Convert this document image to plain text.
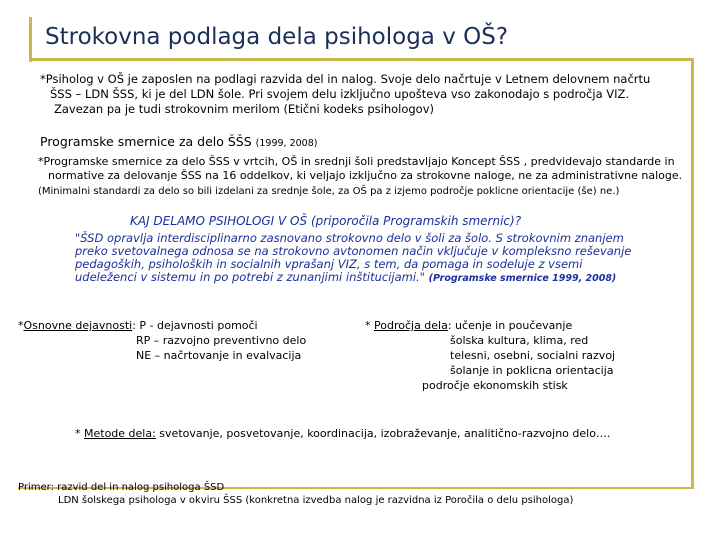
Strokovna podlaga dela psihologa v OŠ?
*Psiholog v OŠ je zaposlen na podlagi razvida del in nalog. Svoje delo načrtuje v Letnem delovnem načrtu
ŠSS – LDN ŠSS, ki je del LDN šole. Pri svojem delu izključno upošteva vso zakonodajo s področja VIZ.
Zavezan pa je tudi strokovnim merilom (Etični kodeks psihologov)
Programske smernice za delo ŠŠS (1999, 2008)
*Programske smernice za delo ŠSS v vrtcih, OŠ in srednji šoli predstavljajo Koncept ŠSS , predvidevajo standarde in
normative za delovanje ŠSS na 16 oddelkov, ki veljajo izključno za strokovne naloge, ne za administrativne naloge.
(Minimalni standardi za delo so bili izdelani za srednje šole, za OŠ pa z izjemo področje poklicne orientacije (še) ne.)
KAJ DELAMO PSIHOLOGI V OŠ (priporočila Programskih smernic)?
"ŠSD opravlja interdisciplinarno zasnovano strokovno delo v šoli za šolo. S strokovnim znanjem preko svetovalnega odnosa se na strokovno avtonomen način vključuje v kompleksno reševanje pedagoških, psiholoških in socialnih vprašanj VIZ, s tem, da pomaga in sodeluje z vsemi udeleženci v sistemu in po potrebi z zunanjimi inštitucijami." (Programske smernice 1999, 2008)
*Osnovne dejavnosti: P - dejavnosti pomoči
RP – razvojno preventivno delo
NE – načrtovanje in evalvacija
* Področja dela: učenje in poučevanje
šolska kultura, klima, red
telesni, osebni, socialni razvoj
šolanje in poklicna orientacija
področje ekonomskih stisk
* Metode dela: svetovanje, posvetovanje, koordinacija, izobraževanje, analitično-razvojno delo….
Primer: razvid del in nalog psihologa ŠSD
LDN šolskega psihologa v okviru ŠSS (konkretna izvedba nalog je razvidna iz Poročila o delu psihologa)
